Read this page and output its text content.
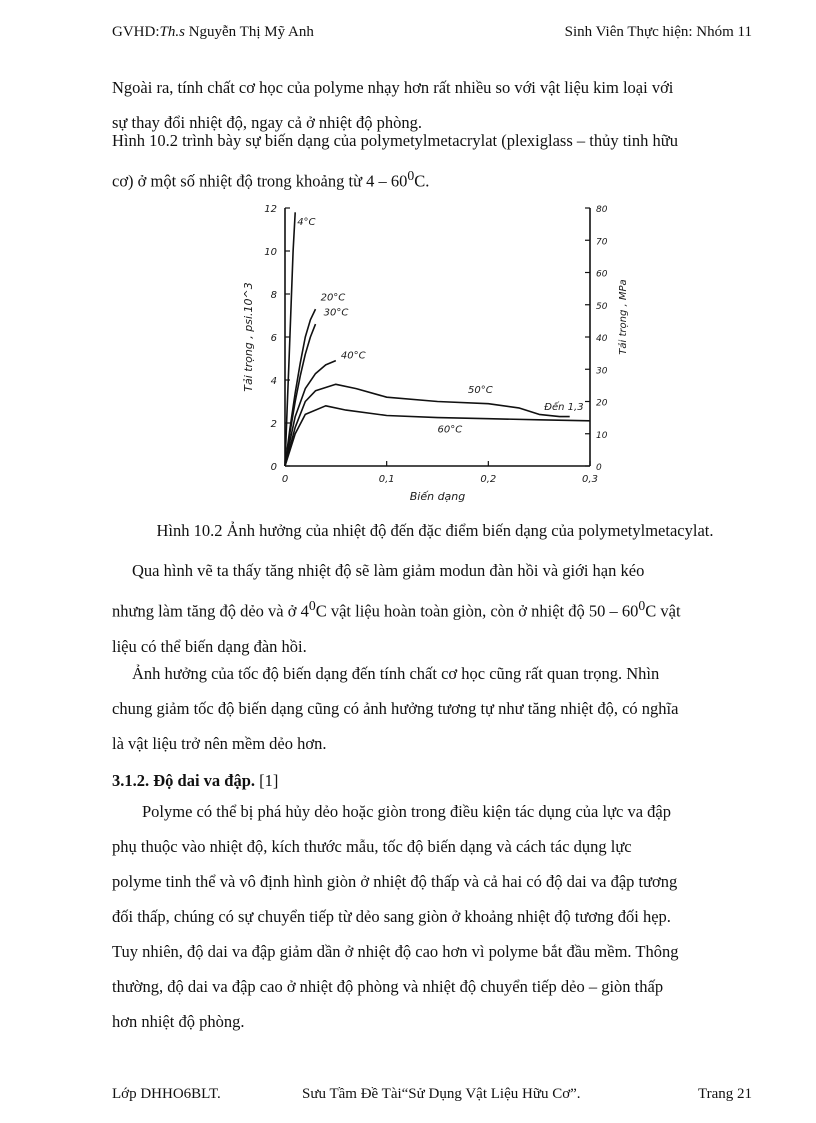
GVHD:Th.s Nguyễn Thị Mỹ Anh	Sinh Viên Thực hiện: Nhóm 11

Ngoài ra, tính chất cơ học của polyme nhạy hơn rất nhiều so với vật liệu kim loại với
sự thay đổi nhiệt độ, ngay cả ở nhiệt độ phòng.

Hình 10.2 trình bày sự biến dạng của polymetylmetacrylat (plexiglass – thủy tinh hữu
cơ) ở một số nhiệt độ trong khoảng từ $4 - 60^0C$.

0
2
4
6
8
10
12
0
10
20
30
40
50
60
70
80
0	0,1	0,2	0,3
Biến dạng
Tải trọng , psi.10^3	Tải trọng , MPa
4°C
20°C
30°C
40°C
50°C
60°C
Đến 1,3

Hình 10.2 Ảnh hưởng của nhiệt độ đến đặc điểm biến dạng của polymetylmetacylat.

Qua hình vẽ ta thấy tăng nhiệt độ sẽ làm giảm modun đàn hồi và giới hạn kéo
nhưng làm tăng độ dẻo và ở $4^0C$ vật liệu hoàn toàn giòn, còn ở nhiệt độ $50 - 60^0C$ vật
liệu có thể biến dạng đàn hồi.

Ảnh hưởng của tốc độ biến dạng đến tính chất cơ học cũng rất quan trọng. Nhìn
chung giảm tốc độ biến dạng cũng có ảnh hưởng tương tự như tăng nhiệt độ, có nghĩa
là vật liệu trở nên mềm dẻo hơn.

3.1.2. Độ dai va đập. [1]

Polyme có thể bị phá hủy dẻo hoặc giòn trong điều kiện tác dụng của lực va đập
phụ thuộc vào nhiệt độ, kích thước mẫu, tốc độ biến dạng và cách tác dụng lực
polyme tinh thể và vô định hình giòn ở nhiệt độ thấp và cả hai có độ dai va đập tương
đối thấp, chúng có sự chuyển tiếp từ dẻo sang giòn ở khoảng nhiệt độ tương đối hẹp.
Tuy nhiên, độ dai va đập giảm dần ở nhiệt độ cao hơn vì polyme bắt đầu mềm. Thông
thường, độ dai va đập cao ở nhiệt độ phòng và nhiệt độ chuyển tiếp dẻo – giòn thấp
hơn nhiệt độ phòng.

Lớp DHHO6BLT.	Sưu Tầm Đề Tài“Sử Dụng Vật Liệu Hữu Cơ”.	Trang 21
